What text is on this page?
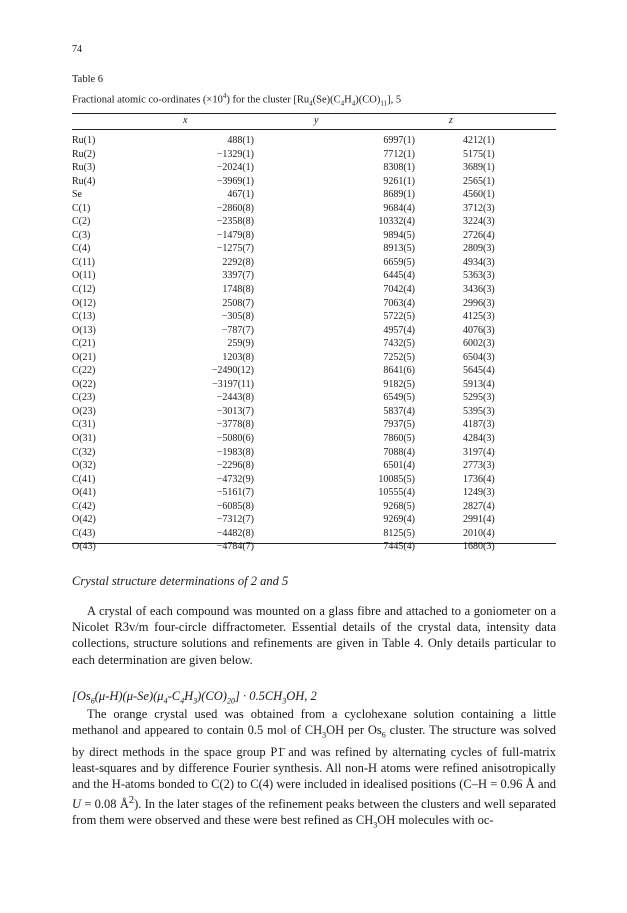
74
Table 6
Fractional atomic co-ordinates $(\times 10^4)$ for the cluster $[Ru_4(Se)(C_4H_4)(CO)_{11}]$, 5
x	y	z
Ru(1)	488(1)		6997(1)		4212(1)
Ru(2)	−1329(1)		7712(1)		5175(1)
Ru(3)	−2024(1)		8308(1)		3689(1)
Ru(4)	−3969(1)		9261(1)		2565(1)
Se	467(1)		8689(1)		4560(1)
C(1)	−2860(8)		9684(4)		3712(3)
C(2)	−2358(8)		10332(4)		3224(3)
C(3)	−1479(8)		9894(5)		2726(4)
C(4)	−1275(7)		8913(5)		2809(3)
C(11)	2292(8)		6659(5)		4934(3)
O(11)	3397(7)		6445(4)		5363(3)
C(12)	1748(8)		7042(4)		3436(3)
O(12)	2508(7)		7063(4)		2996(3)
C(13)	−305(8)		5722(5)		4125(3)
O(13)	−787(7)		4957(4)		4076(3)
C(21)	259(9)		7432(5)		6002(3)
O(21)	1203(8)		7252(5)		6504(3)
C(22)	−2490(12)		8641(6)		5645(4)
O(22)	−3197(11)		9182(5)		5913(4)
C(23)	−2443(8)		6549(5)		5295(3)
O(23)	−3013(7)		5837(4)		5395(3)
C(31)	−3778(8)		7937(5)		4187(3)
O(31)	−5080(6)		7860(5)		4284(3)
C(32)	−1983(8)		7088(4)		3197(4)
O(32)	−2296(8)		6501(4)		2773(3)
C(41)	−4732(9)		10085(5)		1736(4)
O(41)	−5161(7)		10555(4)		1249(3)
C(42)	−6085(8)		9268(5)		2827(4)
O(42)	−7312(7)		9269(4)		2991(4)
C(43)	−4482(8)		8125(5)		2010(4)
O(43)	−4784(7)		7445(4)		1680(3)
Crystal structure determinations of 2 and 5

A crystal of each compound was mounted on a glass fibre and attached to a goniometer on a Nicolet R3v/m four-circle diffractometer. Essential details of the crystal data, intensity data collections, structure solutions and refinements are given in Table 4. Only details particular to each determination are given below.

$[Os_6(\mu-H)(\mu-Se)(\mu_4-C_4H_3)(CO)_{20}] \cdot 0.5CH_3OH$, 2

The orange crystal used was obtained from a cyclohexane solution containing a little methanol and appeared to contain 0.5 mol of $CH_3OH$ per $Os_6$ cluster. The structure was solved by direct methods in the space group P1̄ and was refined by alternating cycles of full-matrix least-squares and by difference Fourier synthesis. All non-H atoms were refined anisotropically and the H-atoms bonded to C(2) to C(4) were included in idealised positions (C–H = 0.96 Å and U = 0.08 $Å^2$). In the later stages of the refinement peaks between the clusters and well separated from them were observed and these were best refined as $CH_3OH$ molecules with oc-
